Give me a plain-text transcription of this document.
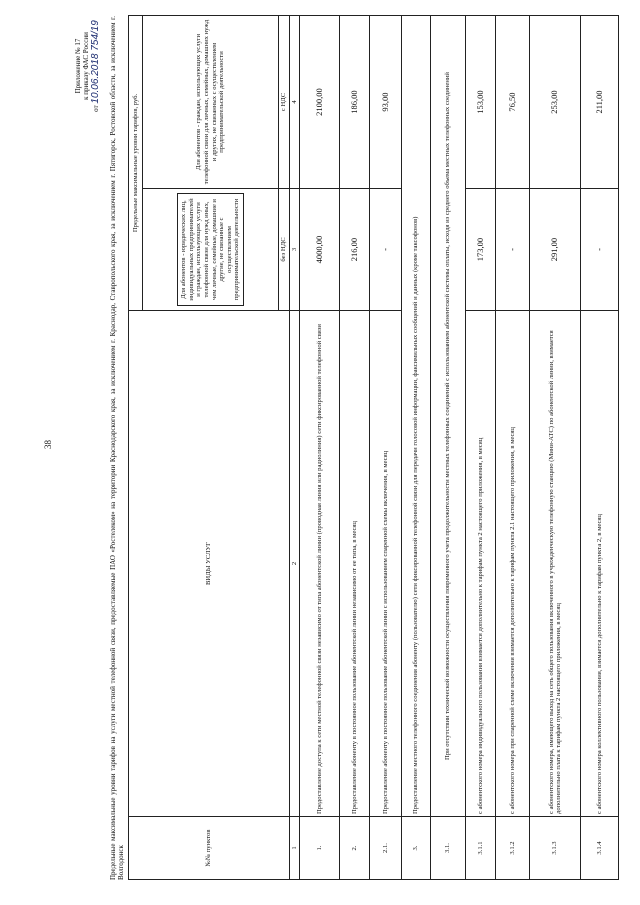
38
Приложение № 17 к приказу ФАС России
от 10.06.2018 754/19 Предельные максимальные уровни тарифов на услуги местной телефонной связи, предоставляемые ПАО «Ростелеком» на территории Краснодарского края, за исключением г. Краснодар, Ставропольского края, за исключением г. Пятигорск, Ростовской области, за исключением г. Волгодонск	№№ пунктов	ВИДЫ УСЛУГ	Предельные максимальные уровни тарифов, руб.	

		Для абонентов - юридических лиц, индивидуальных предпринимателей и граждан, использующих услуги телефонной связи для нужд иных, чем личные, семейные, домашние и другие, не связанные с осуществлением предпринимательской деятельности	Для абонентов - граждан, использующих услуги телефонной связи для личных, семейных, домашних нужд и других, не связанных с осуществлением предпринимательской деятельности
		без НДС	с НДС
1	2	3	4
1.	Предоставление доступа к сети местной телефонной связи независимо от типа абонентской линии (проводная линия или радиолиния) сети фиксированной телефонной связи	4000,00	2100,00
2.	Предоставление абоненту в постоянное пользование абонентской линии независимо от ее типа, в месяц	216,00	186,00
2.1.	Предоставление абоненту в постоянное пользование абонентской линии с использованием спаренной схемы включения, в месяц	-	93,00
3.	Предоставление местного телефонного соединения абоненту (пользователю) сети фиксированной телефонной связи для передачи голосовой информации, факсимильных сообщений и данных (кроме таксофонов)		
3.1.	При отсутствии технической возможности осуществления повременного учета продолжительности местных телефонных соединений с использованием абонентской системы оплаты, исходя из среднего объема местных телефонных соединений		
3.1.1	с абонентского номера индивидуального пользования взимается дополнительно к тарифам пункта 2 настоящего приложения, в месяц	173,00	153,00
3.1.2	с абонентского номера при спаренной схеме включения взимается дополнительно к тарифам пункта 2.1 настоящего приложения, в месяц	-	76,50
3.1.3	с абонентского номера, имеющего выход на сеть общего пользования включенного в учрежденческую телефонную станцию (Мини-АТС) по абонентской линии, взимается дополнительно плата к тарифам пункта 2 настоящего приложения, в месяц	291,00	253,00
3.1.4	с абонентского номера коллективного пользования, взимается дополнительно к тарифам пункта 2, в месяц	-	211,00
